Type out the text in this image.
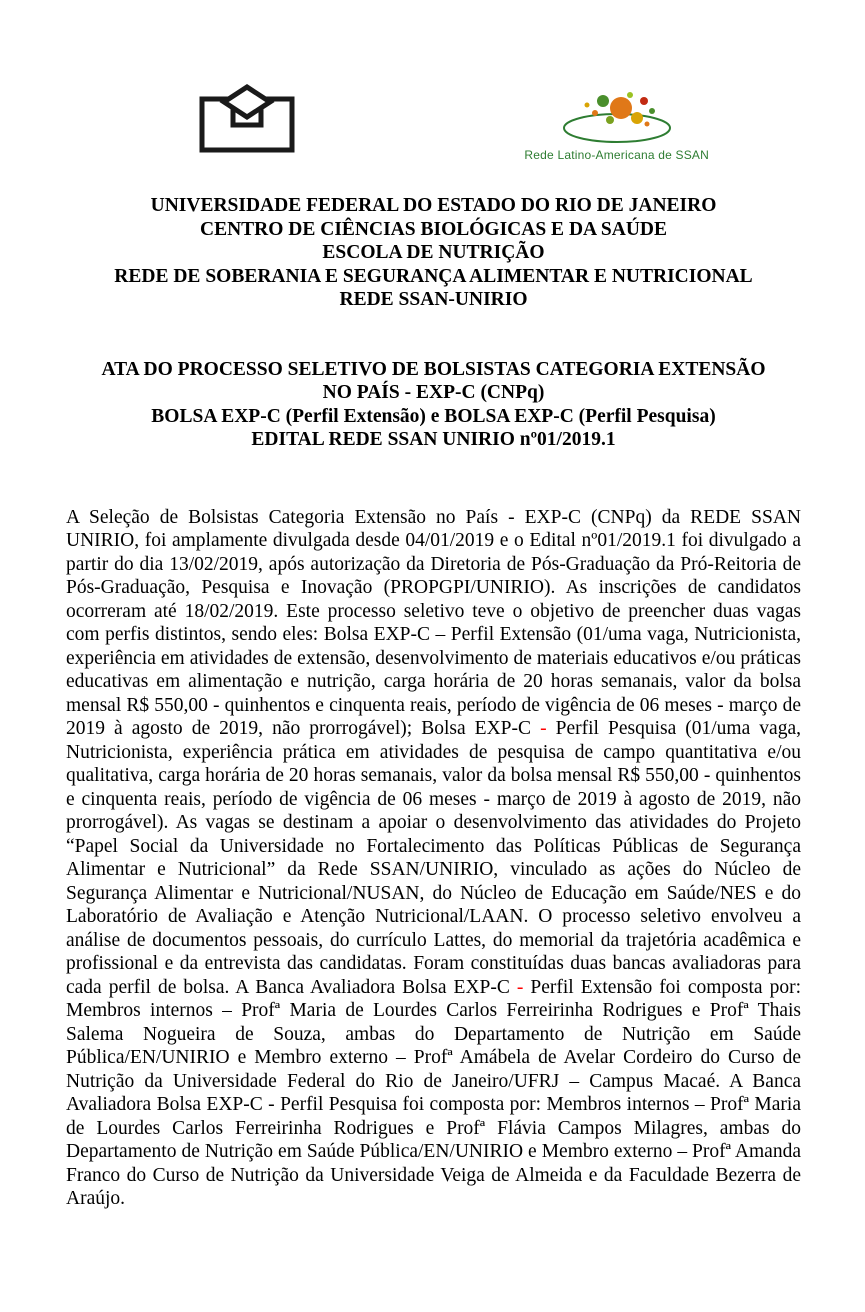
Rede Latino-Americana de SSAN
UNIVERSIDADE FEDERAL DO ESTADO DO RIO DE JANEIRO
CENTRO DE CIÊNCIAS BIOLÓGICAS E DA SAÚDE
ESCOLA DE NUTRIÇÃO
REDE DE SOBERANIA E SEGURANÇA ALIMENTAR E NUTRICIONAL
REDE SSAN-UNIRIO
ATA DO PROCESSO SELETIVO DE BOLSISTAS CATEGORIA EXTENSÃO
NO PAÍS - EXP-C (CNPq)
BOLSA EXP-C (Perfil Extensão) e BOLSA EXP-C (Perfil Pesquisa)
EDITAL REDE SSAN UNIRIO nº01/2019.1

A Seleção de Bolsistas Categoria Extensão no País - EXP-C (CNPq) da REDE SSAN UNIRIO, foi amplamente divulgada desde 04/01/2019 e o Edital nº01/2019.1 foi divulgado a partir do dia 13/02/2019, após autorização da Diretoria de Pós-Graduação da Pró-Reitoria de Pós-Graduação, Pesquisa e Inovação (PROPGPI/UNIRIO). As inscrições de candidatos ocorreram até 18/02/2019. Este processo seletivo teve o objetivo de preencher duas vagas com perfis distintos, sendo eles: Bolsa EXP-C – Perfil Extensão (01/uma vaga, Nutricionista, experiência em atividades de extensão, desenvolvimento de materiais educativos e/ou práticas educativas em alimentação e nutrição, carga horária de 20 horas semanais, valor da bolsa mensal R$ 550,00 - quinhentos e cinquenta reais, período de vigência de 06 meses - março de 2019 à agosto de 2019, não prorrogável); Bolsa EXP-C - Perfil Pesquisa (01/uma vaga, Nutricionista, experiência prática em atividades de pesquisa de campo quantitativa e/ou qualitativa, carga horária de 20 horas semanais, valor da bolsa mensal R$ 550,00 - quinhentos e cinquenta reais, período de vigência de 06 meses - março de 2019 à agosto de 2019, não prorrogável). As vagas se destinam a apoiar o desenvolvimento das atividades do Projeto “Papel Social da Universidade no Fortalecimento das Políticas Públicas de Segurança Alimentar e Nutricional” da Rede SSAN/UNIRIO, vinculado as ações do Núcleo de Segurança Alimentar e Nutricional/NUSAN, do Núcleo de Educação em Saúde/NES e do Laboratório de Avaliação e Atenção Nutricional/LAAN. O processo seletivo envolveu a análise de documentos pessoais, do currículo Lattes, do memorial da trajetória acadêmica e profissional e da entrevista das candidatas. Foram constituídas duas bancas avaliadoras para cada perfil de bolsa. A Banca Avaliadora Bolsa EXP-C - Perfil Extensão foi composta por: Membros internos – Profª Maria de Lourdes Carlos Ferreirinha Rodrigues e Profª Thais Salema Nogueira de Souza, ambas do Departamento de Nutrição em Saúde Pública/EN/UNIRIO e Membro externo – Profª Amábela de Avelar Cordeiro do Curso de Nutrição da Universidade Federal do Rio de Janeiro/UFRJ – Campus Macaé. A Banca Avaliadora Bolsa EXP-C - Perfil Pesquisa foi composta por: Membros internos – Profª Maria de Lourdes Carlos Ferreirinha Rodrigues e Profª Flávia Campos Milagres, ambas do Departamento de Nutrição em Saúde Pública/EN/UNIRIO e Membro externo – Profª Amanda Franco do Curso de Nutrição da Universidade Veiga de Almeida e da Faculdade Bezerra de Araújo.
